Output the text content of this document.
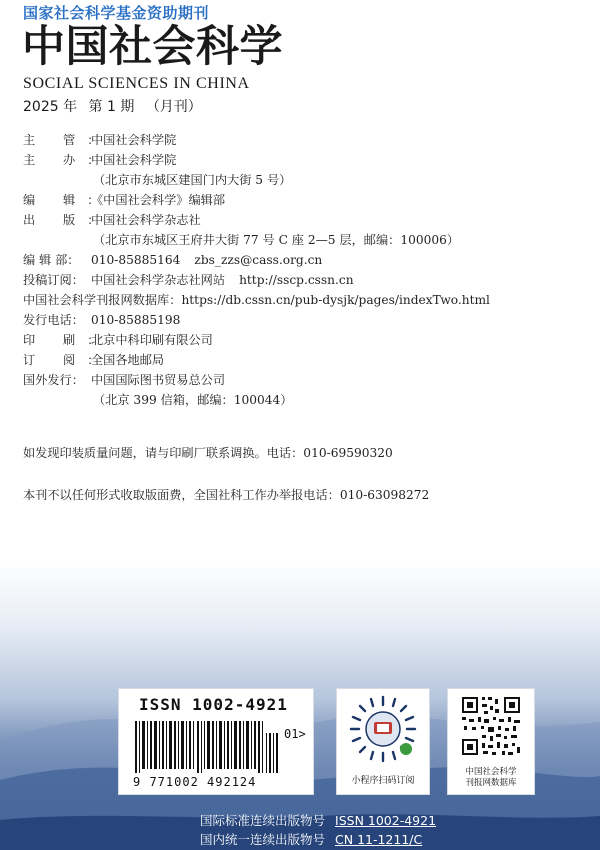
国家社会科学基金资助期刊
中国社会科学
SOCIAL SCIENCES IN CHINA
2025 年 第 1 期 （月刊）
主 管：
中国社会科学院
主 办：
中国社会科学院
（北京市东城区建国门内大街 5 号）
编 辑：
《中国社会科学》编辑部
出 版：
中国社会科学杂志社
（北京市东城区王府井大街 77 号 C 座 2—5 层，邮编：100006）
编 辑 部： 010-85885164 zbs_zzs@cass.org.cn
投稿订阅： 中国社会科学杂志社网站 http://sscp.cssn.cn
中国社会科学刊报网数据库：https://db.cssn.cn/pub-dysjk/pages/indexTwo.html
发行电话： 010-85885198
印 刷：
北京中科印刷有限公司
订 阅：
全国各地邮局
国外发行： 中国国际图书贸易总公司
（北京 399 信箱，邮编：100044）
如发现印装质量问题，请与印刷厂联系调换。电话：010-69590320
本刊不以任何形式收取版面费，全国社科工作办举报电话：010-63098272
ISSN 1002-4921
01>
9 771002 492124	小程序扫码订阅
中国社会科学
刊报网数据库
国际标准连续出版物号 ISSN 1002-4921
国内统一连续出版物号 CN 11-1211/C
